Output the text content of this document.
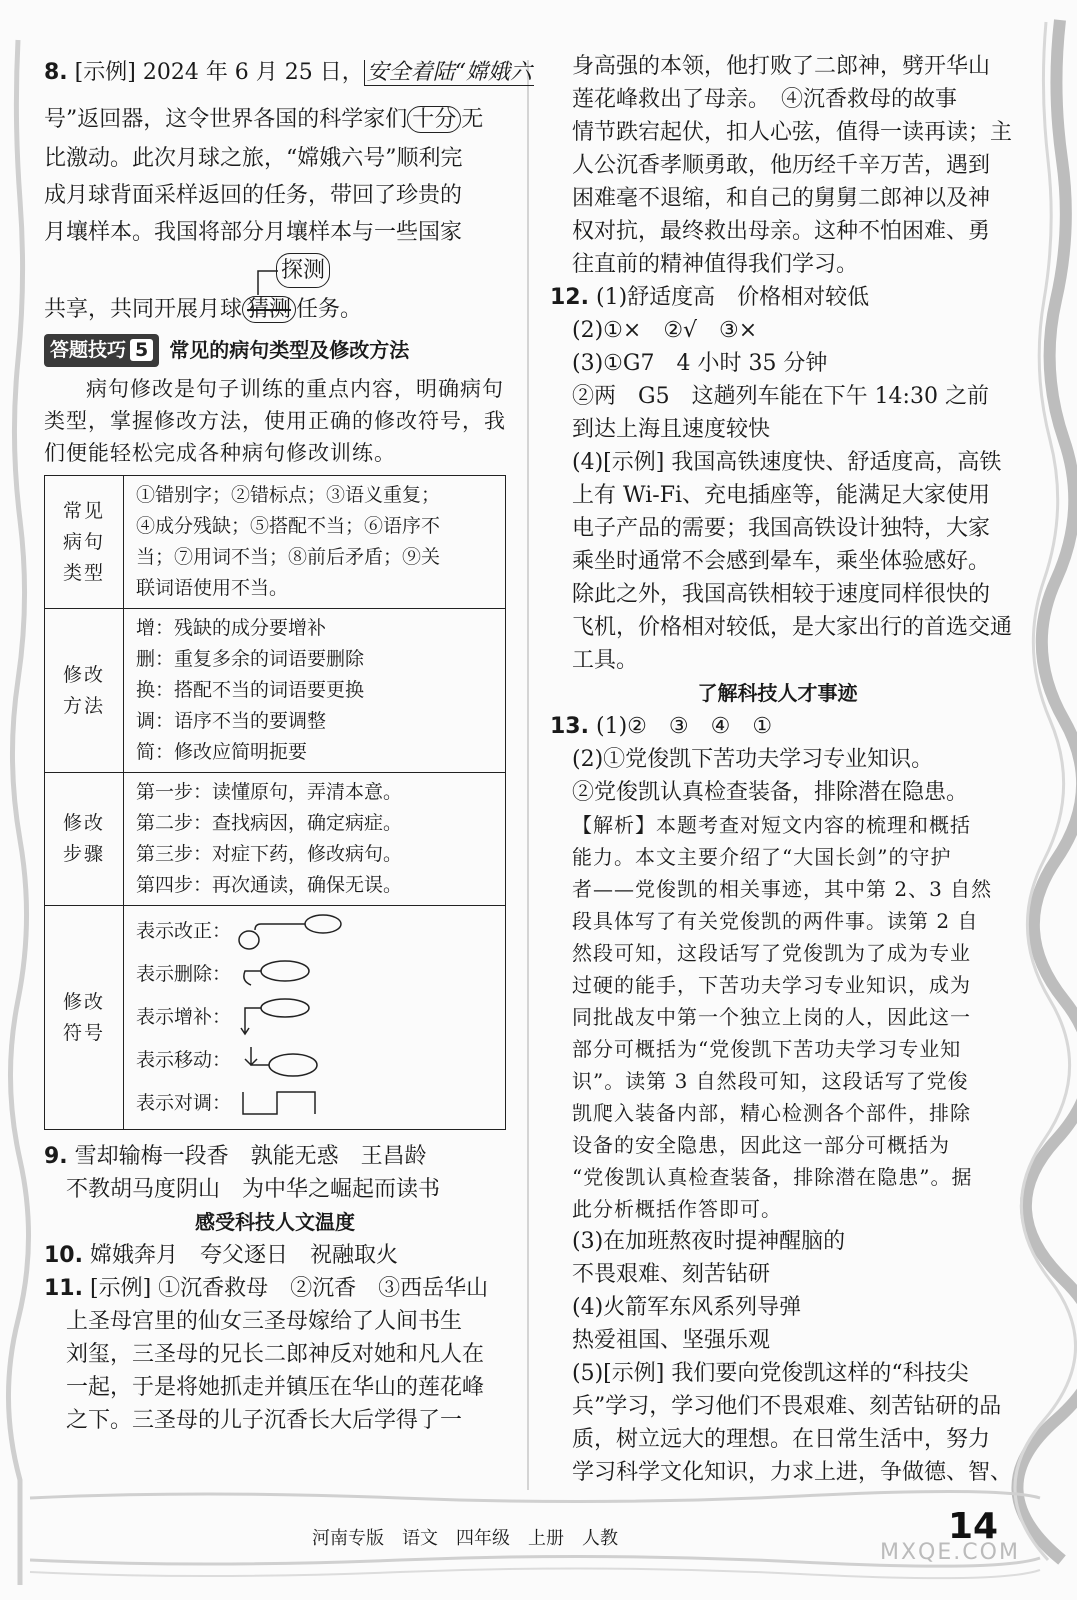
8. [示例] 2024 年 6 月 25 日， 安全着陆“嫦娥六
号”返回器，这令世界各国的科学家们 十分 无
比激动。此次月球之旅，“嫦娥六号”顺利完
成月球背面采样返回的任务，带回了珍贵的
月壤样本。我国将部分月壤样本与一些国家
探测
共享，共同开展月球 猜测 任务。
答题技巧 5	常见的病句类型及修改方法
病句修改是句子训练的重点内容，明确病句类型，掌握修改方法，使用正确的修改符号，我们便能轻松完成各种病句修改训练。
常见病句类型	①错别字；②错标点；③语义重复；
④成分残缺；⑤搭配不当；⑥语序不
当；⑦用词不当；⑧前后矛盾；⑨关
联词语使用不当。

修改方法	增：残缺的成分要增补
删：重复多余的词语要删除
换：搭配不当的词语要更换
调：语序不当的要调整
简：修改应简明扼要

修改步骤	第一步：读懂原句，弄清本意。
第二步：查找病因，确定病症。
第三步：对症下药，修改病句。
第四步：再次通读，确保无误。

修改符号	表示改正：
表示删除：
表示增补：
表示移动：
表示对调：
9. 雪却输梅一段香　孰能无惑　王昌龄
不教胡马度阴山　为中华之崛起而读书
感受科技人文温度
10. 嫦娥奔月　夸父逐日　祝融取火
11. [示例] ①沉香救母　②沉香　③西岳华山
上圣母宫里的仙女三圣母嫁给了人间书生
刘玺，三圣母的兄长二郎神反对她和凡人在
一起，于是将她抓走并镇压在华山的莲花峰
之下。三圣母的儿子沉香长大后学得了一
身高强的本领，他打败了二郎神，劈开华山
莲花峰救出了母亲。　④沉香救母的故事
情节跌宕起伏，扣人心弦，值得一读再读；主
人公沉香孝顺勇敢，他历经千辛万苦，遇到
困难毫不退缩，和自己的舅舅二郎神以及神
权对抗，最终救出母亲。这种不怕困难、勇
往直前的精神值得我们学习。
12. (1)舒适度高　价格相对较低
(2)①×　②√　③×
(3)①G7　4 小时 35 分钟
②两　G5　这趟列车能在下午 14:30 之前
到达上海且速度较快
(4)[示例] 我国高铁速度快、舒适度高，高铁
上有 Wi-Fi、充电插座等，能满足大家使用
电子产品的需要；我国高铁设计独特，大家
乘坐时通常不会感到晕车，乘坐体验感好。
除此之外，我国高铁相较于速度同样很快的
飞机，价格相对较低，是大家出行的首选交通
工具。
了解科技人才事迹
13. (1)②　③　④　①
(2)①党俊凯下苦功夫学习专业知识。
②党俊凯认真检查装备，排除潜在隐患。
【解析】本题考查对短文内容的梳理和概括
能力。本文主要介绍了“大国长剑”的守护
者——党俊凯的相关事迹，其中第 2、3 自然
段具体写了有关党俊凯的两件事。读第 2 自
然段可知，这段话写了党俊凯为了成为专业
过硬的能手，下苦功夫学习专业知识，成为
同批战友中第一个独立上岗的人，因此这一
部分可概括为“党俊凯下苦功夫学习专业知
识”。读第 3 自然段可知，这段话写了党俊
凯爬入装备内部，精心检测各个部件，排除
设备的安全隐患，因此这一部分可概括为
“党俊凯认真检查装备，排除潜在隐患”。据
此分析概括作答即可。
(3)在加班熬夜时提神醒脑的
不畏艰难、刻苦钻研
(4)火箭军东风系列导弹
热爱祖国、坚强乐观
(5)[示例] 我们要向党俊凯这样的“科技尖
兵”学习，学习他们不畏艰难、刻苦钻研的品
质，树立远大的理想。在日常生活中，努力
学习科学文化知识，力求上进，争做德、智、
河南专版　语文　四年级　上册　人教	14
MXQE.COM
